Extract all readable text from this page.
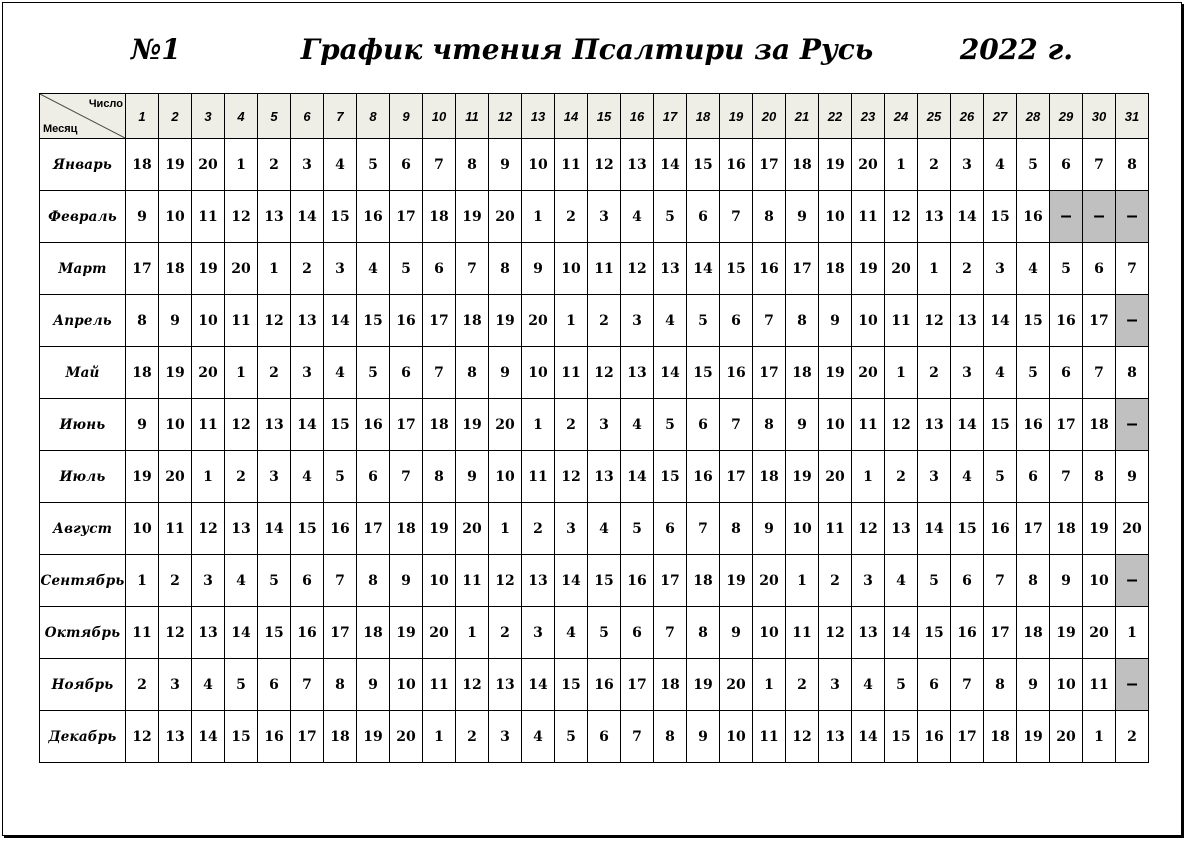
График чтения Псалтири за Русь
№1	2022 г.
Число
Месяц	1	2	3	4	5	6	7	8	9	10	11	12	13	14	15	16	17	18	19	20	21	22	23	24	25	26	27	28	29	30	31
Январь	18	19	20	1	2	3	4	5	6	7	8	9	10	11	12	13	14	15	16	17	18	19	20	1	2	3	4	5	6	7	8
Февраль	9	10	11	12	13	14	15	16	17	18	19	20	1	2	3	4	5	6	7	8	9	10	11	12	13	14	15	16	–	–	–
Март	17	18	19	20	1	2	3	4	5	6	7	8	9	10	11	12	13	14	15	16	17	18	19	20	1	2	3	4	5	6	7
Апрель	8	9	10	11	12	13	14	15	16	17	18	19	20	1	2	3	4	5	6	7	8	9	10	11	12	13	14	15	16	17	–
Май	18	19	20	1	2	3	4	5	6	7	8	9	10	11	12	13	14	15	16	17	18	19	20	1	2	3	4	5	6	7	8
Июнь	9	10	11	12	13	14	15	16	17	18	19	20	1	2	3	4	5	6	7	8	9	10	11	12	13	14	15	16	17	18	–
Июль	19	20	1	2	3	4	5	6	7	8	9	10	11	12	13	14	15	16	17	18	19	20	1	2	3	4	5	6	7	8	9
Август	10	11	12	13	14	15	16	17	18	19	20	1	2	3	4	5	6	7	8	9	10	11	12	13	14	15	16	17	18	19	20
Сентябрь	1	2	3	4	5	6	7	8	9	10	11	12	13	14	15	16	17	18	19	20	1	2	3	4	5	6	7	8	9	10	–
Октябрь	11	12	13	14	15	16	17	18	19	20	1	2	3	4	5	6	7	8	9	10	11	12	13	14	15	16	17	18	19	20	1
Ноябрь	2	3	4	5	6	7	8	9	10	11	12	13	14	15	16	17	18	19	20	1	2	3	4	5	6	7	8	9	10	11	–
Декабрь	12	13	14	15	16	17	18	19	20	1	2	3	4	5	6	7	8	9	10	11	12	13	14	15	16	17	18	19	20	1	2
